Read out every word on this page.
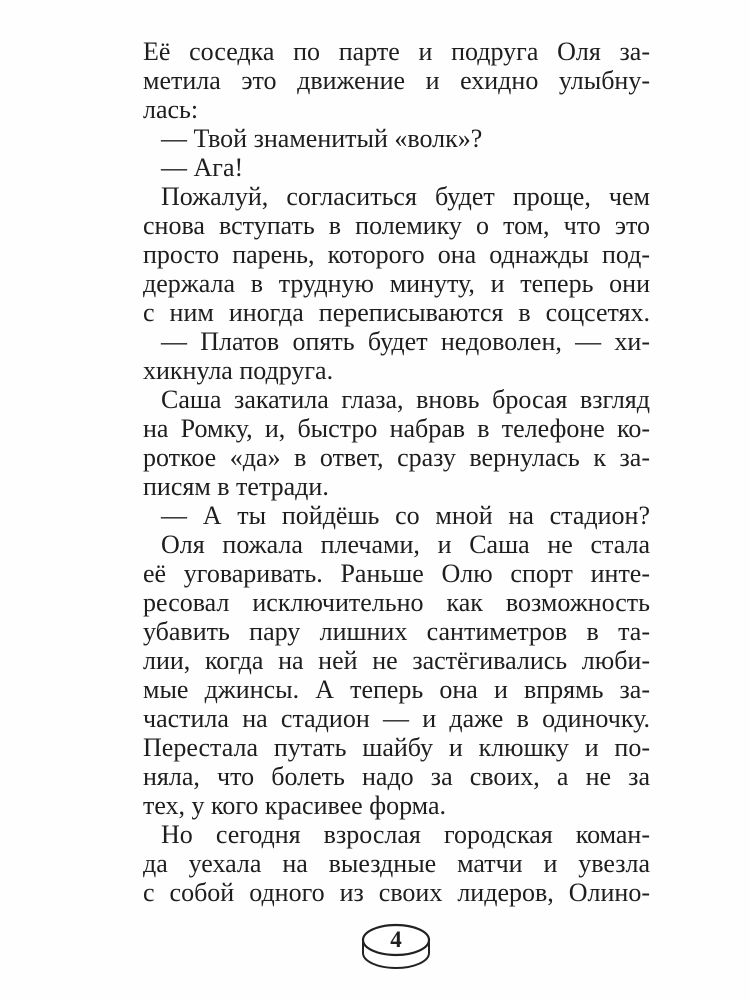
Её соседка по парте и подруга Оля за-
метила это движение и ехидно улыбну-
лась:
— Твой знаменитый «волк»?
— Ага!
Пожалуй, согласиться будет проще, чем
снова вступать в полемику о том, что это
просто парень, которого она однажды под-
держала в трудную минуту, и теперь они
с ним иногда переписываются в соцсетях.
— Платов опять будет недоволен, — хи-
хикнула подруга.
Саша закатила глаза, вновь бросая взгляд
на Ромку, и, быстро набрав в телефоне ко-
роткое «да» в ответ, сразу вернулась к за-
писям в тетради.
— А ты пойдёшь со мной на стадион?
Оля пожала плечами, и Саша не стала
её уговаривать. Раньше Олю спорт инте-
ресовал исключительно как возможность
убавить пару лишних сантиметров в та-
лии, когда на ней не застёгивались люби-
мые джинсы. А теперь она и впрямь за-
частила на стадион — и даже в одиночку.
Перестала путать шайбу и клюшку и по-
няла, что болеть надо за своих, а не за
тех, у кого красивее форма.
Но сегодня взрослая городская коман-
да уехала на выездные матчи и увезла
с собой одного из своих лидеров, Олино-
4
